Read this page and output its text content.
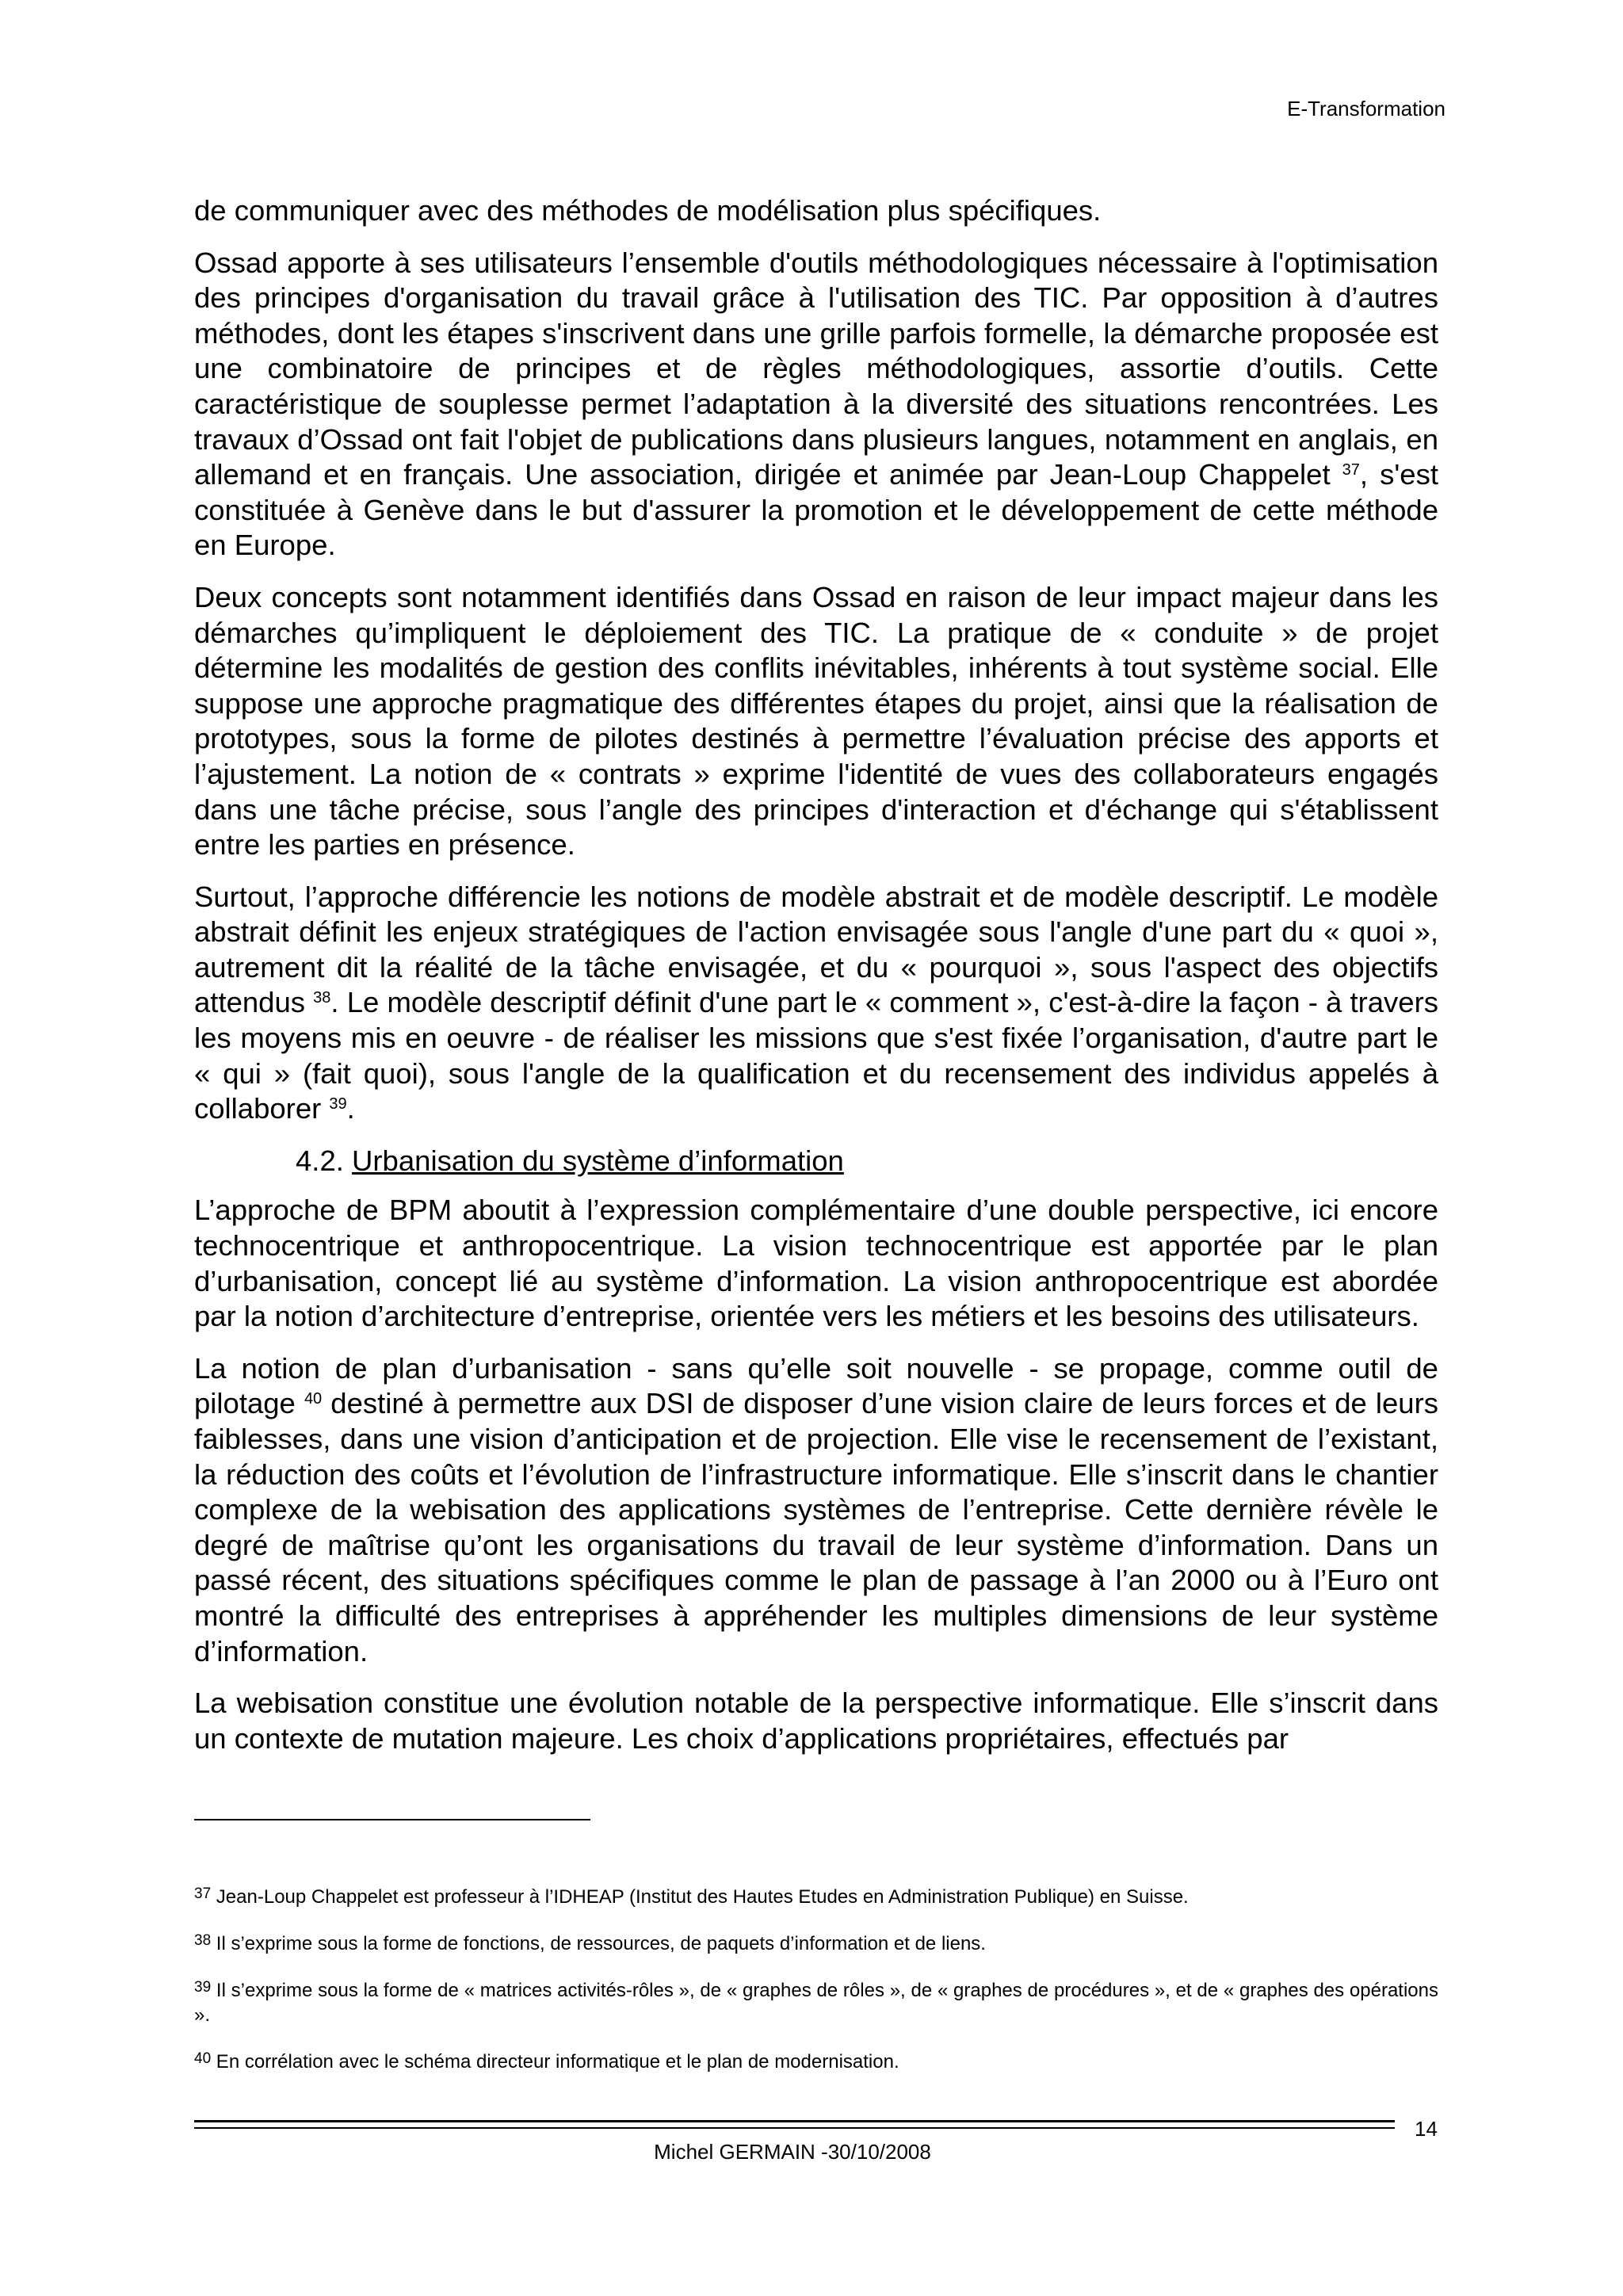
E-Transformation

de communiquer avec des méthodes de modélisation plus spécifiques.

Ossad apporte à ses utilisateurs l’ensemble d'outils méthodologiques nécessaire à l'optimisation des principes d'organisation du travail grâce à l'utilisation des TIC. Par opposition à d’autres méthodes, dont les étapes s'inscrivent dans une grille parfois formelle, la démarche proposée est une combinatoire de principes et de règles méthodologiques, assortie d’outils. Cette caractéristique de souplesse permet l’adaptation à la diversité des situations rencontrées. Les travaux d’Ossad ont fait l'objet de publications dans plusieurs langues, notamment en anglais, en allemand et en français. Une association, dirigée et animée par Jean-Loup Chappelet $^{37}$, s'est constituée à Genève dans le but d'assurer la promotion et le développement de cette méthode en Europe.

Deux concepts sont notamment identifiés dans Ossad en raison de leur impact majeur dans les démarches qu’impliquent le déploiement des TIC. La pratique de « conduite » de projet détermine les modalités de gestion des conflits inévitables, inhérents à tout système social. Elle suppose une approche pragmatique des différentes étapes du projet, ainsi que la réalisation de prototypes, sous la forme de pilotes destinés à permettre l’évaluation précise des apports et l’ajustement. La notion de « contrats » exprime l'identité de vues des collaborateurs engagés dans une tâche précise, sous l’angle des principes d'interaction et d'échange qui s'établissent entre les parties en présence.

Surtout, l’approche différencie les notions de modèle abstrait et de modèle descriptif. Le modèle abstrait définit les enjeux stratégiques de l'action envisagée sous l'angle d'une part du « quoi », autrement dit la réalité de la tâche envisagée, et du « pourquoi », sous l'aspect des objectifs attendus $^{38}$. Le modèle descriptif définit d'une part le « comment », c'est-à-dire la façon - à travers les moyens mis en oeuvre - de réaliser les missions que s'est fixée l’organisation, d'autre part le « qui » (fait quoi), sous l'angle de la qualification et du recensement des individus appelés à collaborer $^{39}$.

4.2. Urbanisation du système d’information

L’approche de BPM aboutit à l’expression complémentaire d’une double perspective, ici encore technocentrique et anthropocentrique. La vision technocentrique est apportée par le plan d’urbanisation, concept lié au système d’information. La vision anthropocentrique est abordée par la notion d’architecture d’entreprise, orientée vers les métiers et les besoins des utilisateurs.

La notion de plan d’urbanisation - sans qu’elle soit nouvelle - se propage, comme outil de pilotage $^{40}$ destiné à permettre aux DSI de disposer d’une vision claire de leurs forces et de leurs faiblesses, dans une vision d’anticipation et de projection. Elle vise le recensement de l’existant, la réduction des coûts et l’évolution de l’infrastructure informatique. Elle s’inscrit dans le chantier complexe de la webisation des applications systèmes de l’entreprise. Cette dernière révèle le degré de maîtrise qu’ont les organisations du travail de leur système d’information. Dans un passé récent, des situations spécifiques comme le plan de passage à l’an 2000 ou à l’Euro ont montré la difficulté des entreprises à appréhender les multiples dimensions de leur système d’information.

La webisation constitue une évolution notable de la perspective informatique. Elle s’inscrit dans un contexte de mutation majeure. Les choix d’applications propriétaires, effectués par

$^{37}$ Jean-Loup Chappelet est professeur à l’IDHEAP (Institut des Hautes Etudes en Administration Publique) en Suisse.

$^{38}$ Il s’exprime sous la forme de fonctions, de ressources, de paquets d’information et de liens.

$^{39}$ Il s’exprime sous la forme de « matrices activités-rôles », de « graphes de rôles », de « graphes de procédures », et de « graphes des opérations ».

$^{40}$ En corrélation avec le schéma directeur informatique et le plan de modernisation.

14
Michel GERMAIN -30/10/2008
